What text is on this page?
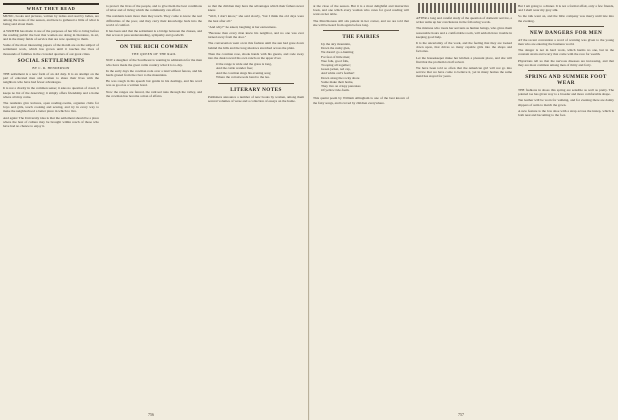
WHAT THEY READ

MUSIC, books and pictures, written by ladies and read by ladies, are among the notes of the season, and here is gathered a little of what is being said about them.

A WRITER has made it one of the purposes of her life to bring before the reading public the best that women are doing in literature, in art, and in the many fields of service that are now opening to them.

Some of the most interesting papers of the month are on the subject of settlement work, which has grown until it touches the lives of thousands of families in the crowded quarters of our great cities.

SOCIAL SETTLEMENTS
BY C. R. HENDERSON

THE settlement is a new form of an old duty. It is an attempt on the part of educated men and women to share their lives with the neighbors who have had fewer advantages.

It is not a charity in the common sense; it asks no question of creed, it keeps no list of the deserving; it simply offers friendship and a home where all may come.

The residents give lectures, open reading-rooms, organize clubs for boys and girls, teach cooking and sewing, and try in every way to make the neighborhood a better place in which to live.

And again: The University idea is that the settlement should be a place where the best of culture may be brought within reach of those who have had no chance to enjoy it.

to protect the lives of the people, and to give them the best conditions of labor and of living which the community can afford.

The residents learn more than they teach. They come to know the real difficulties of the poor, and they carry their knowledge back into the world of comfort.

It has been said that the settlement is a bridge between the classes, and that across it pass understanding, sympathy and goodwill.

ON THE RICH COWMEN
THE QUEEN OF THE RAIL

NOT a daughter of the Southwest is wanting in admiration for the men who have made the great cattle country what it is to-day.

In the early days the cowman rode over a land without fences, and his herds grazed from the river to the mountains.

He was rough in his speech but gentle in his dealings, and his word was as good as a written bond.

Now the ranges are fenced, the railroad runs through the valley, and the cowman has become a man of affairs.

so that the children may have the advantages which their fathers never knew.

"Well, I don't know," she said slowly, "but I think the old days were the best after all."

"And why?" he asked, laughing at her earnestness.

"Because then every man knew his neighbor, and no one was ever turned away from the door."

The conversation went on in this fashion until the sun had gone down behind the hills and the long shadows stretched across the plain.

Then the cowman rose, shook hands with his guests, and rode away into the dusk toward his own ranch on the upper river.

O the range is wide and the grass is long,

And the cattle wander free;

And the cowman sings his evening song

Where the cottonwoods bend to the lea.

LITERARY NOTES

Publishers announce a number of new books by women, among them several volumes of verse and a collection of essays on the home.

756

at the close of the season. But it is a most delightful and instructive book, and one which every woman who cares for good reading will want on her table.

The Marchioness still sits patient in her corner, and we are told that she will be heard from again before long.

THE FAIRIES

Up the airy mountain,

Down the rushy glen,

We daren't go a-hunting

For fear of little men;

Wee folk, good folk,

Trooping all together;

Green jacket, red cap,

And white owl's feather!

Down along the rocky shore

Some make their home,

They live on crispy pancakes

Of yellow tide-foam.

This quaint poem by William Allingham is one of the best known of the fairy songs, and is loved by children everywhere.

AFTER a long and careful study of the question of domestic service, a writer sums up her conclusions in the following words.

The mistress who treats her servants as human beings, who gives them reasonable hours and a comfortable room, will seldom have trouble in keeping good help.

It is the uncertainty of the work, and the feeling that they are looked down upon, that drives so many capable girls into the shops and factories.

Let the housekeeper make her kitchen a pleasant place, and she will find that the problem is half solved.

We have been told so often that the American girl will not go into service that we have come to believe it, yet in many homes the same maid has stayed for years.

But I am going to a dinner. It is not a formal affair, only a few friends, and I shall wear my grey silk.

So the talk went on, and the little company was merry until late into the evening.

NEW DANGERS FOR MEN

AT the recent convention a word of warning was given to the young men who are entering the business world.

The danger is not in hard work, which harms no one, but in the constant strain and worry that come with the race for wealth.

Physicians tell us that the nervous diseases are increasing, and that they are most common among men of thirty and forty.

SPRING AND SUMMER FOOT WEAR

THE fashions in shoes this spring are sensible as well as pretty. The pointed toe has given way to a broader and more comfortable shape.

Tan leather will be worn for walking, and for evening there are dainty slippers of satin to match the gown.

A new feature is the low shoe with a strap across the instep, which is both neat and becoming to the foot.

757
